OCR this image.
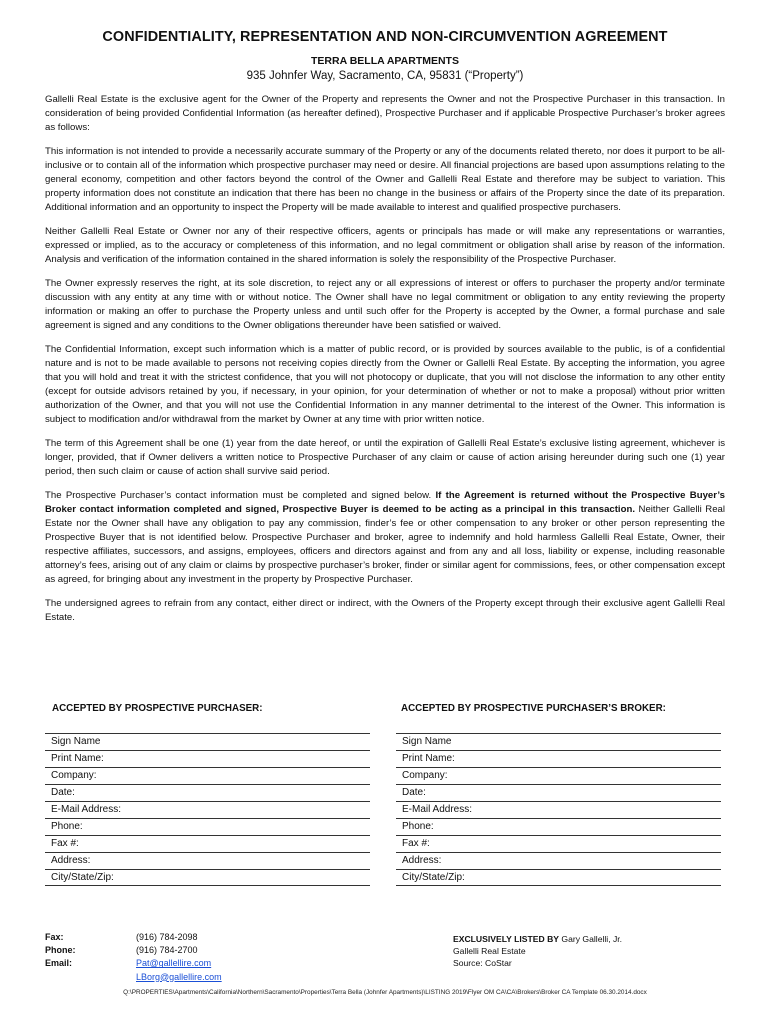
CONFIDENTIALITY, REPRESENTATION AND NON-CIRCUMVENTION AGREEMENT
TERRA BELLA APARTMENTS
935 Johnfer Way, Sacramento, CA, 95831 (“Property”)

Gallelli Real Estate is the exclusive agent for the Owner of the Property and represents the Owner and not the Prospective Purchaser in this transaction. In consideration of being provided Confidential Information (as hereafter defined), Prospective Purchaser and if applicable Prospective Purchaser’s broker agrees as follows:

This information is not intended to provide a necessarily accurate summary of the Property or any of the documents related thereto, nor does it purport to be all-inclusive or to contain all of the information which prospective purchaser may need or desire. All financial projections are based upon assumptions relating to the general economy, competition and other factors beyond the control of the Owner and Gallelli Real Estate and therefore may be subject to variation. This property information does not constitute an indication that there has been no change in the business or affairs of the Property since the date of its preparation. Additional information and an opportunity to inspect the Property will be made available to interest and qualified prospective purchasers.

Neither Gallelli Real Estate or Owner nor any of their respective officers, agents or principals has made or will make any representations or warranties, expressed or implied, as to the accuracy or completeness of this information, and no legal commitment or obligation shall arise by reason of the information. Analysis and verification of the information contained in the shared information is solely the responsibility of the Prospective Purchaser.

The Owner expressly reserves the right, at its sole discretion, to reject any or all expressions of interest or offers to purchaser the property and/or terminate discussion with any entity at any time with or without notice. The Owner shall have no legal commitment or obligation to any entity reviewing the property information or making an offer to purchase the Property unless and until such offer for the Property is accepted by the Owner, a formal purchase and sale agreement is signed and any conditions to the Owner obligations thereunder have been satisfied or waived.

The Confidential Information, except such information which is a matter of public record, or is provided by sources available to the public, is of a confidential nature and is not to be made available to persons not receiving copies directly from the Owner or Gallelli Real Estate. By accepting the information, you agree that you will hold and treat it with the strictest confidence, that you will not photocopy or duplicate, that you will not disclose the information to any other entity (except for outside advisors retained by you, if necessary, in your opinion, for your determination of whether or not to make a proposal) without prior written authorization of the Owner, and that you will not use the Confidential Information in any manner detrimental to the interest of the Owner. This information is subject to modification and/or withdrawal from the market by Owner at any time with prior written notice.

The term of this Agreement shall be one (1) year from the date hereof, or until the expiration of Gallelli Real Estate’s exclusive listing agreement, whichever is longer, provided, that if Owner delivers a written notice to Prospective Purchaser of any claim or cause of action arising hereunder during such one (1) year period, then such claim or cause of action shall survive said period.

The Prospective Purchaser’s contact information must be completed and signed below. If the Agreement is returned without the Prospective Buyer’s Broker contact information completed and signed, Prospective Buyer is deemed to be acting as a principal in this transaction. Neither Gallelli Real Estate nor the Owner shall have any obligation to pay any commission, finder’s fee or other compensation to any broker or other person representing the Prospective Buyer that is not identified below. Prospective Purchaser and broker, agree to indemnify and hold harmless Gallelli Real Estate, Owner, their respective affiliates, successors, and assigns, employees, officers and directors against and from any and all loss, liability or expense, including reasonable attorney’s fees, arising out of any claim or claims by prospective purchaser’s broker, finder or similar agent for commissions, fees, or other compensation except as agreed, for bringing about any investment in the property by Prospective Purchaser.

The undersigned agrees to refrain from any contact, either direct or indirect, with the Owners of the Property except through their exclusive agent Gallelli Real Estate.

ACCEPTED BY PROSPECTIVE PURCHASER:	ACCEPTED BY PROSPECTIVE PURCHASER’S BROKER:
Sign Name
Print Name:
Company:
Date:
E-Mail Address:
Phone:
Fax #:
Address:
City/State/Zip:
Sign Name
Print Name:
Company:
Date:
E-Mail Address:
Phone:
Fax #:
Address:
City/State/Zip:
Fax:
Phone:
Email:
(916) 784-2098
(916) 784-2700
Pat@gallellire.com
LBorg@gallellire.com
EXCLUSIVELY LISTED BY Gary Gallelli, Jr.
Gallelli Real Estate
Source: CoStar
Q:\PROPERTIES\Apartments\California\Northern\Sacramento\Properties\Terra Bella (Johnfer Apartments)\LISTING 2019\Flyer OM CA\CA\Brokers\Broker CA Template 06.30.2014.docx
